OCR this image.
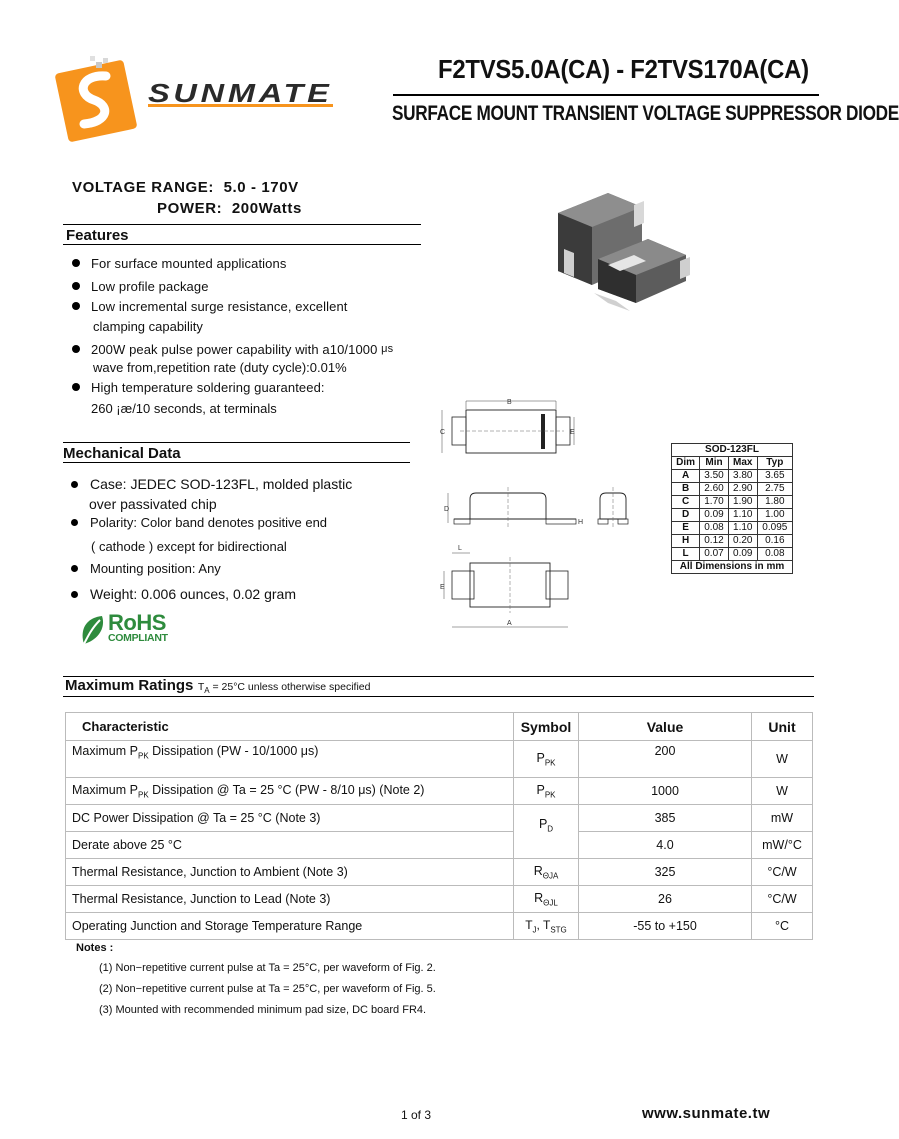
SUNMATE
F2TVS5.0A(CA) - F2TVS170A(CA)
SURFACE MOUNT TRANSIENT VOLTAGE SUPPRESSOR DIODE
VOLTAGE RANGE: 5.0 - 170V
POWER: 200Watts
Features
For surface mounted applications
Low profile package
Low incremental surge resistance, excellent
clamping capability
200W peak pulse power capability with a10/1000 μs
wave from,repetition rate (duty cycle):0.01%
High temperature soldering guaranteed:
260 ¡æ/10 seconds, at terminals
Mechanical Data
Case: JEDEC SOD-123FL, molded plastic
over passivated chip
Polarity: Color band denotes positive end
( cathode ) except for bidirectional
Mounting position: Any
Weight: 0.006 ounces, 0.02 gram
RoHS
COMPLIANT
B
C	E
D
H
L
E
A
SOD-123FL			
Dim	Min	Max	Typ
A	3.50	3.80	3.65
B	2.60	2.90	2.75
C	1.70	1.90	1.80
D	0.09	1.10	1.00
E	0.08	1.10	0.095
H	0.12	0.20	0.16
L	0.07	0.09	0.08
All Dimensions in mm			
Maximum Ratings $T_A = 25^\circ C$ unless otherwise specified
Characteristic	Symbol	Value	Unit
Maximum $P_{PK}$ Dissipation (PW - 10/1000 μs)	$P_{PK}$	200	W
Maximum $P_{PK}$ Dissipation @ Ta = 25 °C (PW - 8/10 μs) (Note 2)	$P_{PK}$	1000	W
DC Power Dissipation @ Ta = 25 °C (Note 3)	$P_D$	385	mW
Derate above 25 °C		4.0	mW/°C
Thermal Resistance, Junction to Ambient (Note 3)	$R_{\Theta JA}$	325	°C/W
Thermal Resistance, Junction to Lead (Note 3)	$R_{\Theta JL}$	26	°C/W
Operating Junction and Storage Temperature Range	$T_J$, $T_{STG}$	-55 to +150	°C
Notes :
(1) Non−repetitive current pulse at Ta = 25°C, per waveform of Fig. 2.
(2) Non−repetitive current pulse at Ta = 25°C, per waveform of Fig. 5.
(3) Mounted with recommended minimum pad size, DC board FR4.
1 of 3	www.sunmate.tw
